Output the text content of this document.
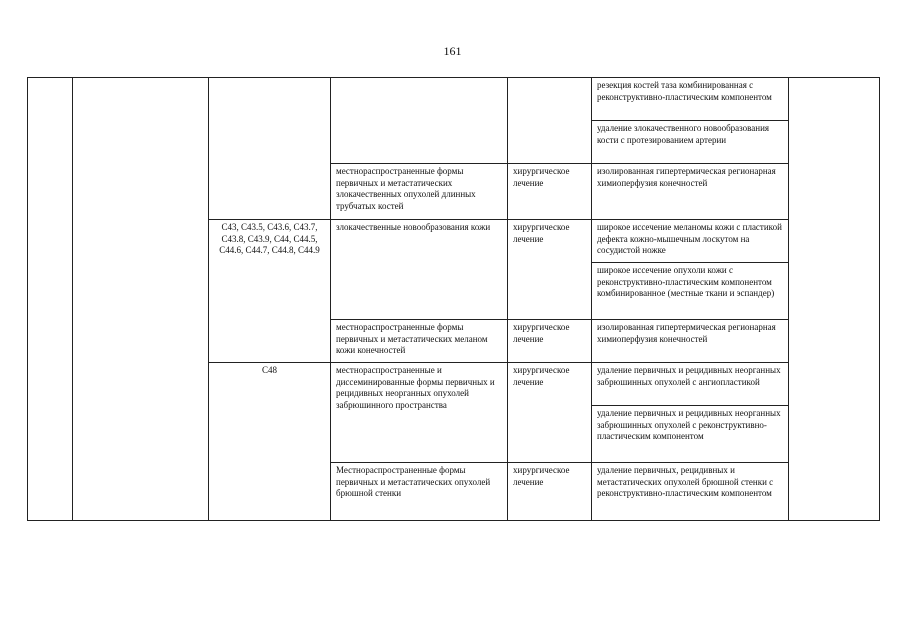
161
					резекция костей таза комбинированная с реконструктивно-пластическим компонентом	
					удаление злокачественного новообразования кости с протезированием артерии	
			местнораспространенные формы первичных и метастатических злокачественных опухолей длинных трубчатых костей	хирургическое лечение	изолированная гипертермическая регионарная химиоперфузия конечностей	
		C43, C43.5, C43.6, C43.7, C43.8, C43.9, C44, C44.5, C44.6, C44.7, C44.8, C44.9	злокачественные новообразования кожи	хирургическое лечение	широкое иссечение меланомы кожи с пластикой дефекта кожно-мышечным лоскутом на сосудистой ножке	
					широкое иссечение опухоли кожи с реконструктивно-пластическим компонентом комбинированное (местные ткани и эспандер)	
			местнораспространенные формы первичных и метастатических меланом кожи конечностей	хирургическое лечение	изолированная гипертермическая регионарная химиоперфузия конечностей	
		C48	местнораспространенные и диссеминированные формы первичных и рецидивных неорганных опухолей забрюшинного пространства	хирургическое лечение	удаление первичных и рецидивных неорганных забрюшинных опухолей с ангиопластикой	
					удаление первичных и рецидивных неорганных забрюшинных опухолей с реконструктивно-пластическим компонентом	
			Местнораспространенные формы первичных и метастатических опухолей брюшной стенки	хирургическое лечение	удаление первичных, рецидивных и метастатических опухолей брюшной стенки с реконструктивно-пластическим компонентом	
